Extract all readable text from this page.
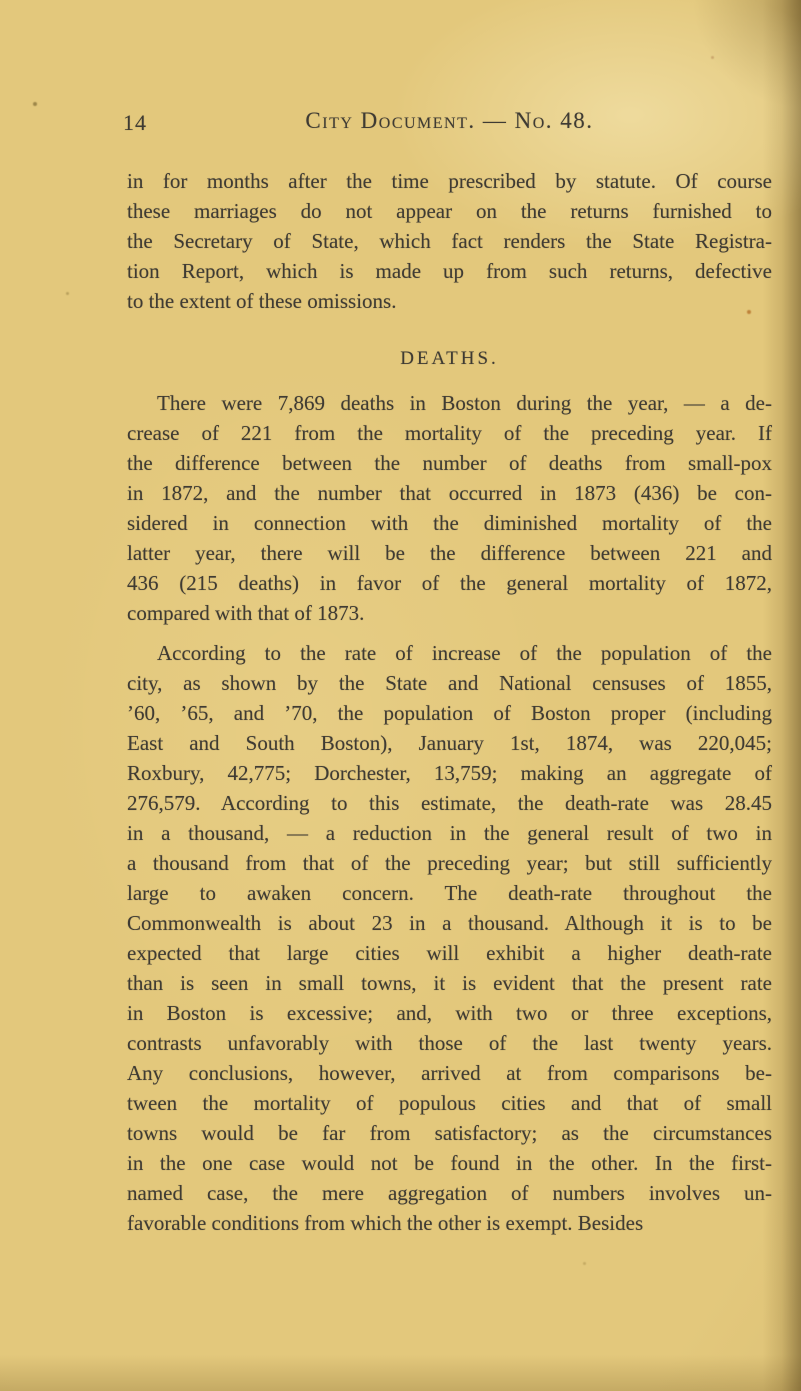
14	City Document. — No. 48.
in for months after the time prescribed by statute. Of course
these marriages do not appear on the returns furnished to
the Secretary of State, which fact renders the State Registra-
tion Report, which is made up from such returns, defective
to the extent of these omissions.
DEATHS.
There were 7,869 deaths in Boston during the year, — a de-
crease of 221 from the mortality of the preceding year. If
the difference between the number of deaths from small-pox
in 1872, and the number that occurred in 1873 (436) be con-
sidered in connection with the diminished mortality of the
latter year, there will be the difference between 221 and
436 (215 deaths) in favor of the general mortality of 1872,
compared with that of 1873.
According to the rate of increase of the population of the
city, as shown by the State and National censuses of 1855,
’60, ’65, and ’70, the population of Boston proper (including
East and South Boston), January 1st, 1874, was 220,045;
Roxbury, 42,775; Dorchester, 13,759; making an aggregate of
276,579. According to this estimate, the death-rate was 28.45
in a thousand, — a reduction in the general result of two in
a thousand from that of the preceding year; but still sufficiently
large to awaken concern. The death-rate throughout the
Commonwealth is about 23 in a thousand. Although it is to be
expected that large cities will exhibit a higher death-rate
than is seen in small towns, it is evident that the present rate
in Boston is excessive; and, with two or three exceptions,
contrasts unfavorably with those of the last twenty years.
Any conclusions, however, arrived at from comparisons be-
tween the mortality of populous cities and that of small
towns would be far from satisfactory; as the circumstances
in the one case would not be found in the other. In the first-
named case, the mere aggregation of numbers involves un-
favorable conditions from which the other is exempt. Besides
